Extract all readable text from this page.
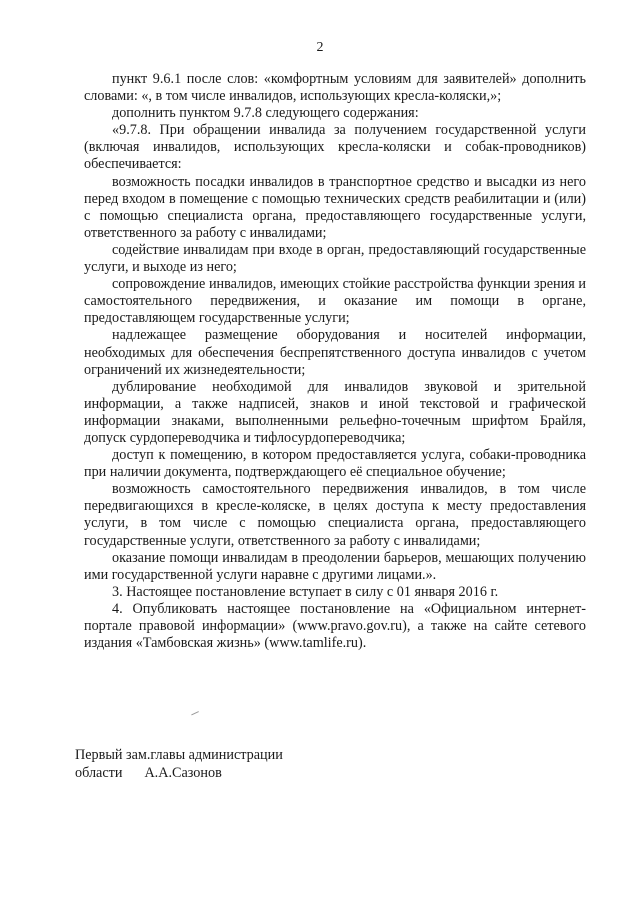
2

пункт 9.6.1 после слов: «комфортным условиям для заявителей» дополнить словами: «, в том числе инвалидов, использующих кресла-коляски,»;

дополнить пунктом 9.7.8 следующего содержания:

«9.7.8. При обращении инвалида за получением государственной услуги (включая инвалидов, использующих кресла-коляски и собак-проводников) обеспечивается:

возможность посадки инвалидов в транспортное средство и высадки из него перед входом в помещение с помощью технических средств реабилитации и (или) с помощью специалиста органа, предоставляющего государственные услуги, ответственного за работу с инвалидами;

содействие инвалидам при входе в орган, предоставляющий государственные услуги, и выходе из него;

сопровождение инвалидов, имеющих стойкие расстройства функции зрения и самостоятельного передвижения, и оказание им помощи в органе, предоставляющем государственные услуги;

надлежащее размещение оборудования и носителей информации, необходимых для обеспечения беспрепятственного доступа инвалидов с учетом ограничений их жизнедеятельности;

дублирование необходимой для инвалидов звуковой и зрительной информации, а также надписей, знаков и иной текстовой и графической информации знаками, выполненными рельефно-точечным шрифтом Брайля, допуск сурдопереводчика и тифлосурдопереводчика;

доступ к помещению, в котором предоставляется услуга, собаки-проводника при наличии документа, подтверждающего её специальное обучение;

возможность самостоятельного передвижения инвалидов, в том числе передвигающихся в кресле-коляске, в целях доступа к месту предоставления услуги, в том числе с помощью специалиста органа, предоставляющего государственные услуги, ответственного за работу с инвалидами;

оказание помощи инвалидам в преодолении барьеров, мешающих получению ими государственной услуги наравне с другими лицами.».

3. Настоящее постановление вступает в силу с 01 января 2016 г.

4. Опубликовать настоящее постановление на «Официальном интернет-портале правовой информации» (www.pravo.gov.ru), а также на сайте сетевого издания «Тамбовская жизнь» (www.tamlife.ru).

Первый зам.главы администрации
области А.А.Сазонов
